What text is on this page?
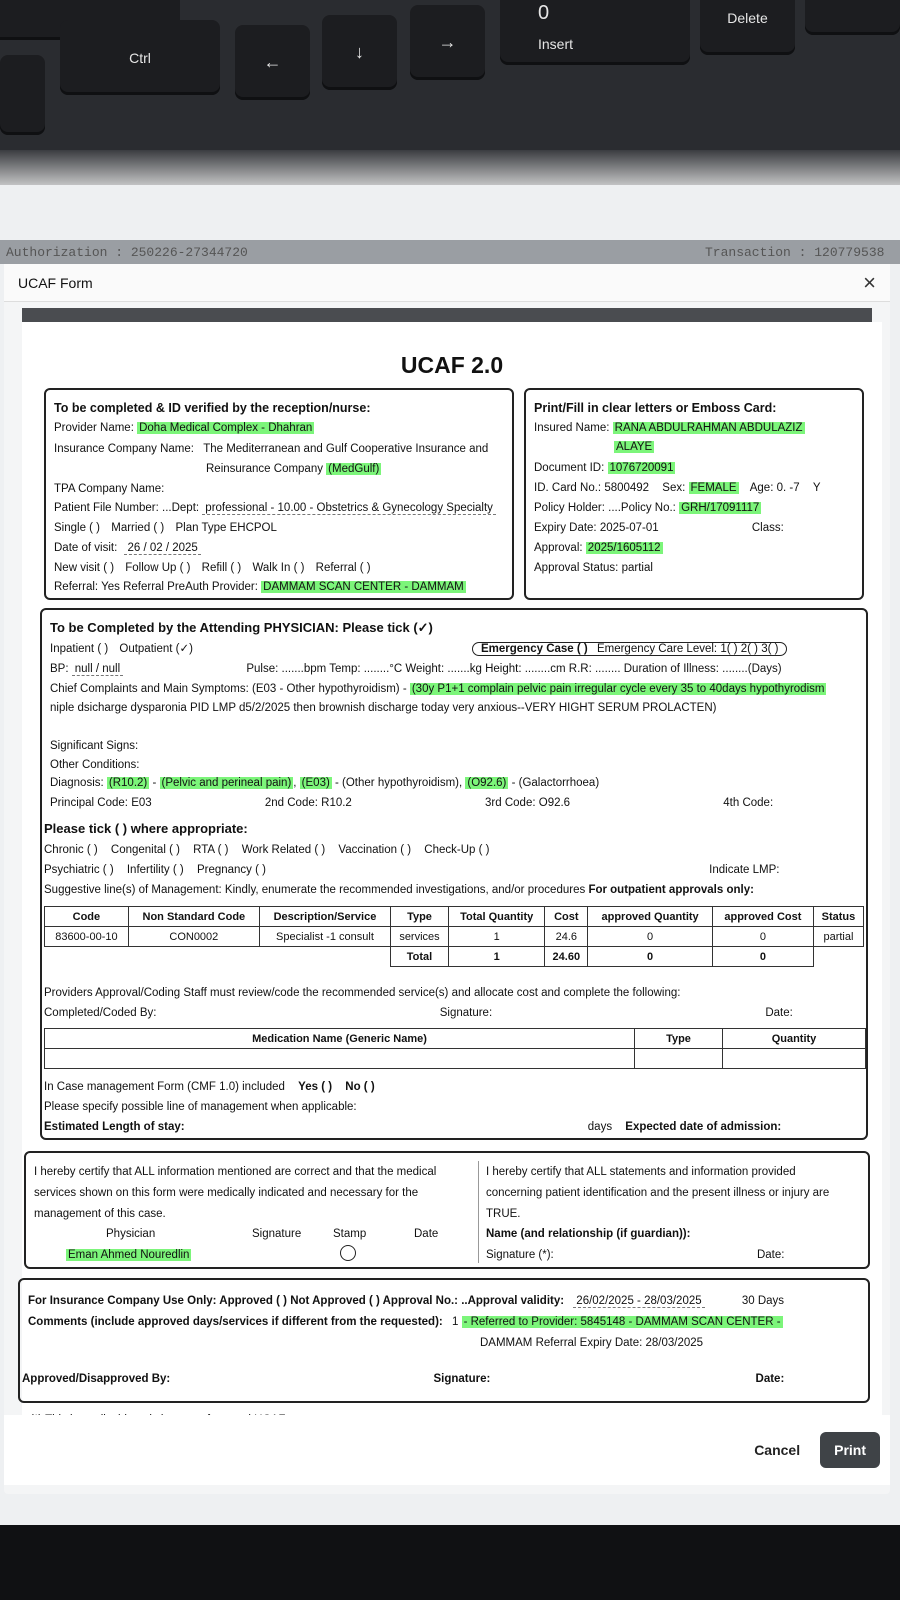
Ctrl	←	↓	→
0
Insert
Delete
Authorization : 250226-27344720	Transaction : 120779538
UCAF Form	×
UCAF 2.0
To be completed & ID verified by the reception/nurse:
Provider Name: Doha Medical Complex - Dhahran
Insurance Company Name: The Mediterranean and Gulf Cooperative Insurance and
Reinsurance Company (MedGulf)
TPA Company Name:
Patient File Number: ...Dept: professional - 10.00 - Obstetrics & Gynecology Specialty
Single ( ) Married ( ) Plan Type EHCPOL
Date of visit: 26 / 02 / 2025
New visit ( ) Follow Up ( ) Refill ( ) Walk In ( ) Referral ( )
Referral: Yes Referral PreAuth Provider: DAMMAM SCAN CENTER - DAMMAM
Print/Fill in clear letters or Emboss Card:
Insured Name: RANA ABDULRAHMAN ABDULAZIZ
ALAYE
Document ID: 1076720091
ID. Card No.: 5800492 Sex: FEMALE Age: 0. -7 Y
Policy Holder: ....Policy No.: GRH/17091117
Expiry Date: 2025-07-01	Class:
Approval: 2025/1605112
Approval Status: partial
To be Completed by the Attending PHYSICIAN: Please tick (✓)
Inpatient ( ) Outpatient (✓)	Emergency Case ( ) Emergency Care Level: 1( ) 2( ) 3( )
BP: null / null	Pulse: .......bpm Temp: ........°C Weight: .......kg Height: ........cm R.R: ........ Duration of Illness: ........(Days)
Chief Complaints and Main Symptoms: (E03 - Other hypothyroidism) - (30y P1+1 complain pelvic pain irregular cycle every 35 to 40days hypothyrodism
niple dsicharge dysparonia PID LMP d5/2/2025 then brownish discharge today very anxious--VERY HIGHT SERUM PROLACTEN)
Significant Signs:
Other Conditions:
Diagnosis: (R10.2) - (Pelvic and perineal pain) , (E03) - (Other hypothyroidism), (O92.6) - (Galactorrhoea)
Principal Code: E03	2nd Code: R10.2	3rd Code: O92.6	4th Code:
Please tick ( ) where appropriate:
Chronic ( ) Congenital ( ) RTA ( ) Work Related ( ) Vaccination ( ) Check-Up ( )
Psychiatric ( ) Infertility ( ) Pregnancy ( )	Indicate LMP:
Suggestive line(s) of Management: Kindly, enumerate the recommended investigations, and/or procedures For outpatient approvals only:
Code	Non Standard Code	Description/Service	Type	Total Quantity	Cost	approved Quantity	approved Cost	Status
83600-00-10	CON0002	Specialist -1 consult	services	1	24.6	0	0	partial
			Total	1	24.60	0	0	
Providers Approval/Coding Staff must review/code the recommended service(s) and allocate cost and complete the following:
Completed/Coded By:	Signature:	Date:
Medication Name (Generic Name)	Type	Quantity

In Case management Form (CMF 1.0) included Yes ( ) No ( )
Please specify possible line of management when applicable:
Estimated Length of stay:	days Expected date of admission:
I hereby certify that ALL information mentioned are correct and that the medical
services shown on this form were medically indicated and necessary for the
management of this case.
Physician	Signature	Stamp	Date
Eman Ahmed Nouredlin
I hereby certify that ALL statements and information provided
concerning patient identification and the present illness or injury are
TRUE.
Name (and relationship (if guardian)):
Signature (*):	Date:
For Insurance Company Use Only: Approved ( ) Not Approved ( ) Approval No.: ..Approval validity: 26/02/2025 - 28/03/2025	30 Days
Comments (include approved days/services if different from the requested): 1 - Referred to Provider: 5845148 - DAMMAM SCAN CENTER -
DAMMAM Referral Expiry Date: 28/03/2025
Approved/Disapproved By:	Signature:	Date:
Cancel	Print
